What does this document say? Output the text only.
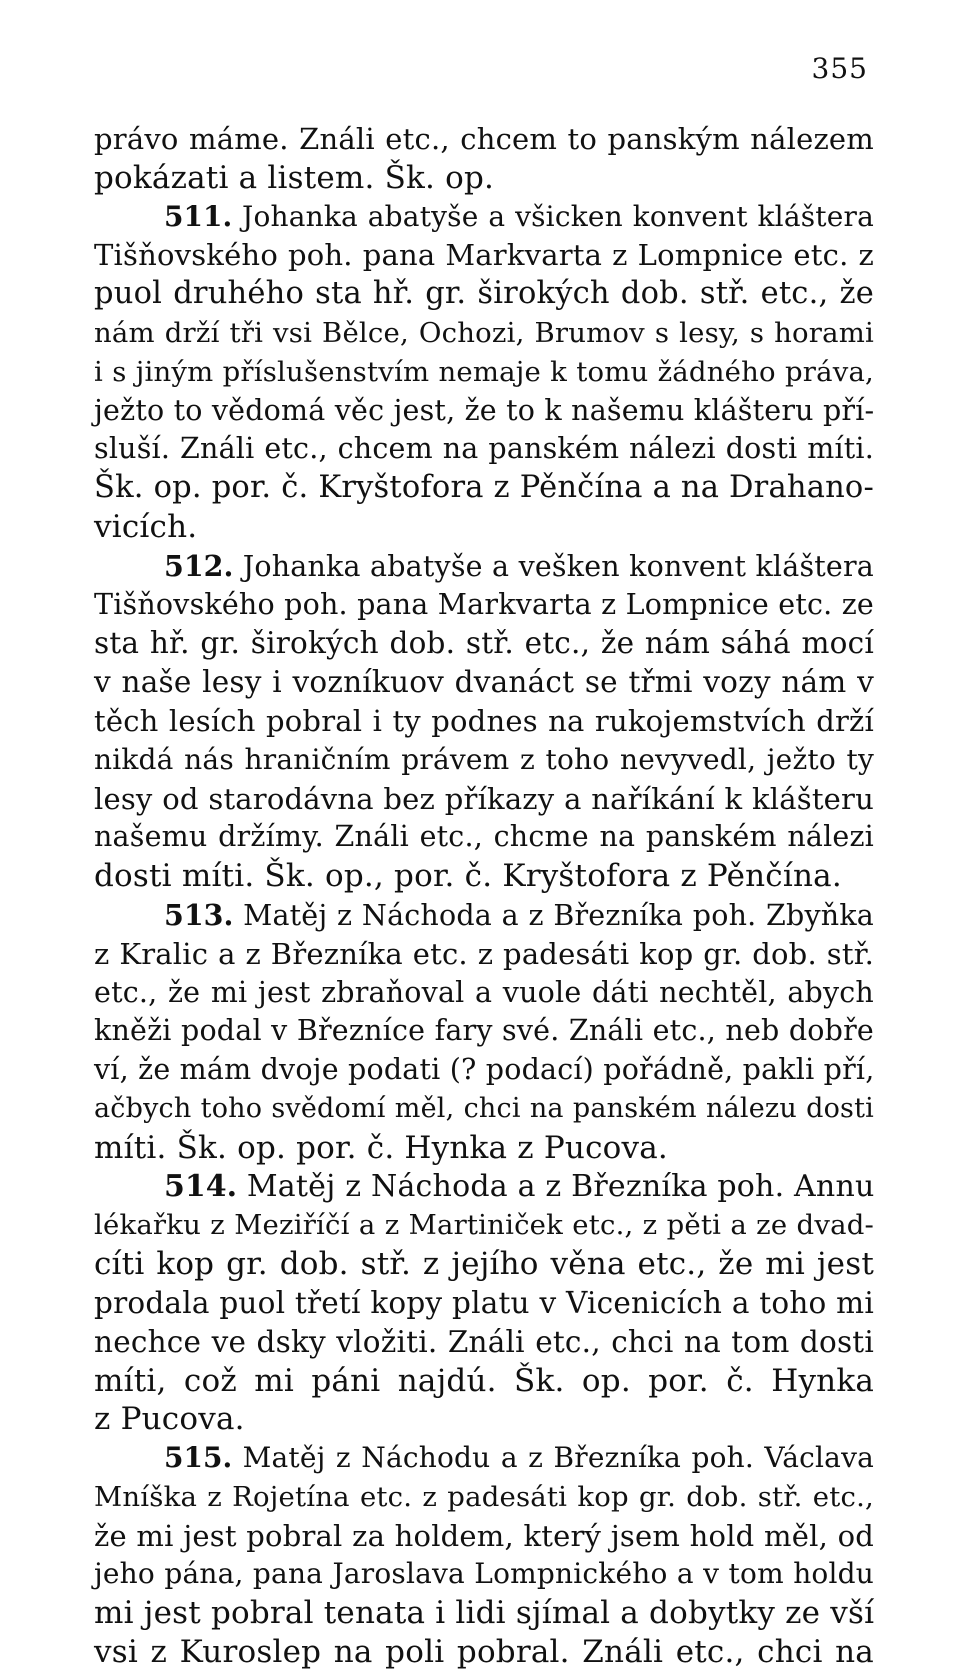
355
právo máme. Ználi etc., chcem to panským nálezem
pokázati a listem. Šk. op.
511. Johanka abatyše a všicken konvent kláštera
Tišňovského poh. pana Markvarta z Lompnice etc. z
puol druhého sta hř. gr. širokých dob. stř. etc., že
nám drží tři vsi Bělce, Ochozi, Brumov s lesy, s horami
i s jiným příslušenstvím nemaje k tomu žádného práva,
ježto to vědomá věc jest, že to k našemu klášteru pří-
sluší. Ználi etc., chcem na panském nálezi dosti míti.
Šk. op. por. č. Kryštofora z Pěnčína a na Drahano-
vicích.
512. Johanka abatyše a vešken konvent kláštera
Tišňovského poh. pana Markvarta z Lompnice etc. ze
sta hř. gr. širokých dob. stř. etc., že nám sáhá mocí
v naše lesy i vozníkuov dvanáct se třmi vozy nám v
těch lesích pobral i ty podnes na rukojemstvích drží
nikdá nás hraničním právem z toho nevyvedl, ježto ty
lesy od starodávna bez příkazy a naříkání k klášteru
našemu držímy. Ználi etc., chcme na panském nálezi
dosti míti. Šk. op., por. č. Kryštofora z Pěnčína.
513. Matěj z Náchoda a z Březníka poh. Zbyňka
z Kralic a z Březníka etc. z padesáti kop gr. dob. stř.
etc., že mi jest zbraňoval a vuole dáti nechtěl, abych
kněži podal v Březníce fary své. Ználi etc., neb dobře
ví, že mám dvoje podati (? podací) pořádně, pakli pří,
ačbych toho svědomí měl, chci na panském nálezu dosti
míti. Šk. op. por. č. Hynka z Pucova.
514. Matěj z Náchoda a z Březníka poh. Annu
lékařku z Meziříčí a z Martiniček etc., z pěti a ze dvad-
cíti kop gr. dob. stř. z jejího věna etc., že mi jest
prodala puol třetí kopy platu v Vicenicích a toho mi
nechce ve dsky vložiti. Ználi etc., chci na tom dosti
míti, což mi páni najdú. Šk. op. por. č. Hynka
z Pucova.
515. Matěj z Náchodu a z Březníka poh. Václava
Mníška z Rojetína etc. z padesáti kop gr. dob. stř. etc.,
že mi jest pobral za holdem, který jsem hold měl, od
jeho pána, pana Jaroslava Lompnického a v tom holdu
mi jest pobral tenata i lidi sjímal a dobytky ze vší
vsi z Kuroslep na poli pobral. Ználi etc., chci na
